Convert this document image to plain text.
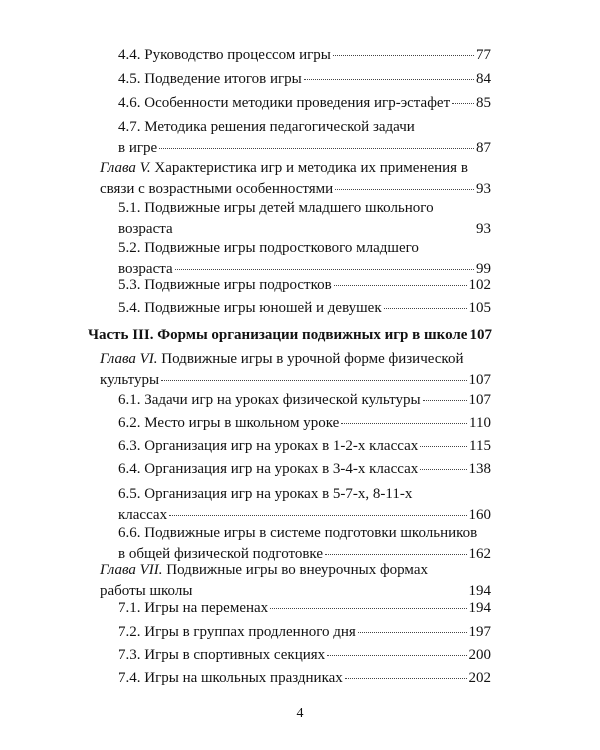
4.4. Руководство процессом игры	77
4.5. Подведение итогов игры	84
4.6. Особенности методики проведения игр-эстафет 85
4.7. Методика решения педагогической задачи
в игре	87
Глава V. Характеристика игр и методика их применения в
связи с возрастными особенностями	93
5.1. Подвижные игры детей младшего школьного
возраста	93
5.2. Подвижные игры подросткового младшего
возраста	99
5.3. Подвижные игры подростков	102
5.4. Подвижные игры юношей и девушек	105
Часть III. Формы организации подвижных игр в школе 107
Глава VI. Подвижные игры в урочной форме физической
культуры	107
6.1. Задачи игр на уроках физической культуры	107
6.2. Место игры в школьном уроке	110
6.3. Организация игр на уроках в 1-2-х классах	115
6.4. Организация игр на уроках в 3-4-х классах	138
6.5. Организация игр на уроках в 5-7-х, 8-11-х
классах	160
6.6. Подвижные игры в системе подготовки школьников
в общей физической подготовке	162
Глава VII. Подвижные игры во внеурочных формах
работы школы	194
7.1. Игры на переменах	194
7.2. Игры в группах продленного дня	197
7.3. Игры в спортивных секциях	200
7.4. Игры на школьных праздниках	202
4
